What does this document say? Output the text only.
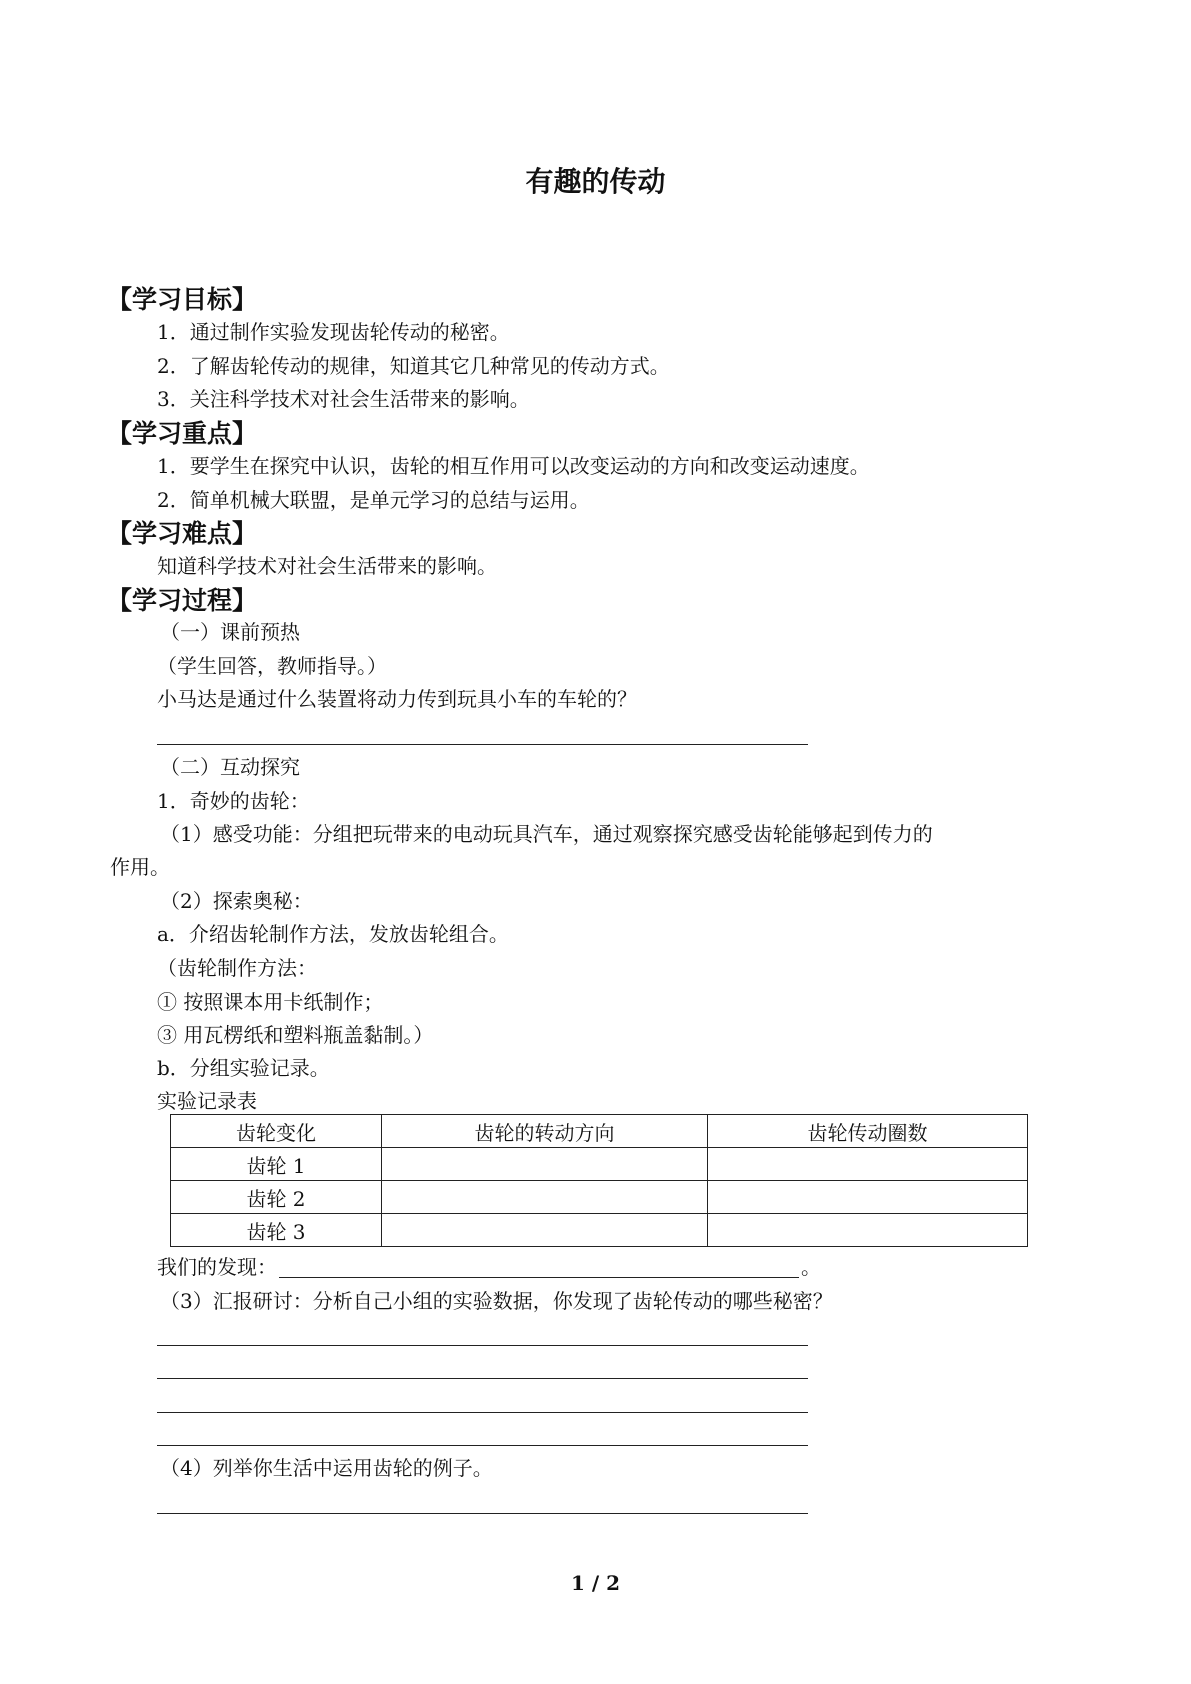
有趣的传动
【学习目标】
1．通过制作实验发现齿轮传动的秘密。
2．了解齿轮传动的规律，知道其它几种常见的传动方式。
3．关注科学技术对社会生活带来的影响。
【学习重点】
1．要学生在探究中认识，齿轮的相互作用可以改变运动的方向和改变运动速度。
2．简单机械大联盟，是单元学习的总结与运用。
【学习难点】
知道科学技术对社会生活带来的影响。
【学习过程】
（一）课前预热
（学生回答，教师指导。）
小马达是通过什么装置将动力传到玩具小车的车轮的？
（二）互动探究
1．奇妙的齿轮：
（1）感受功能：分组把玩带来的电动玩具汽车，通过观察探究感受齿轮能够起到传力的
作用。
（2）探索奥秘：
a．介绍齿轮制作方法，发放齿轮组合。
（齿轮制作方法：
① 按照课本用卡纸制作；
③ 用瓦楞纸和塑料瓶盖黏制。）
b．分组实验记录。
实验记录表
齿轮变化	齿轮的转动方向	齿轮传动圈数
齿轮 1		
齿轮 2		
齿轮 3		
我们的发现：	。
（3）汇报研讨：分析自己小组的实验数据，你发现了齿轮传动的哪些秘密？
（4）列举你生活中运用齿轮的例子。
1 / 2
